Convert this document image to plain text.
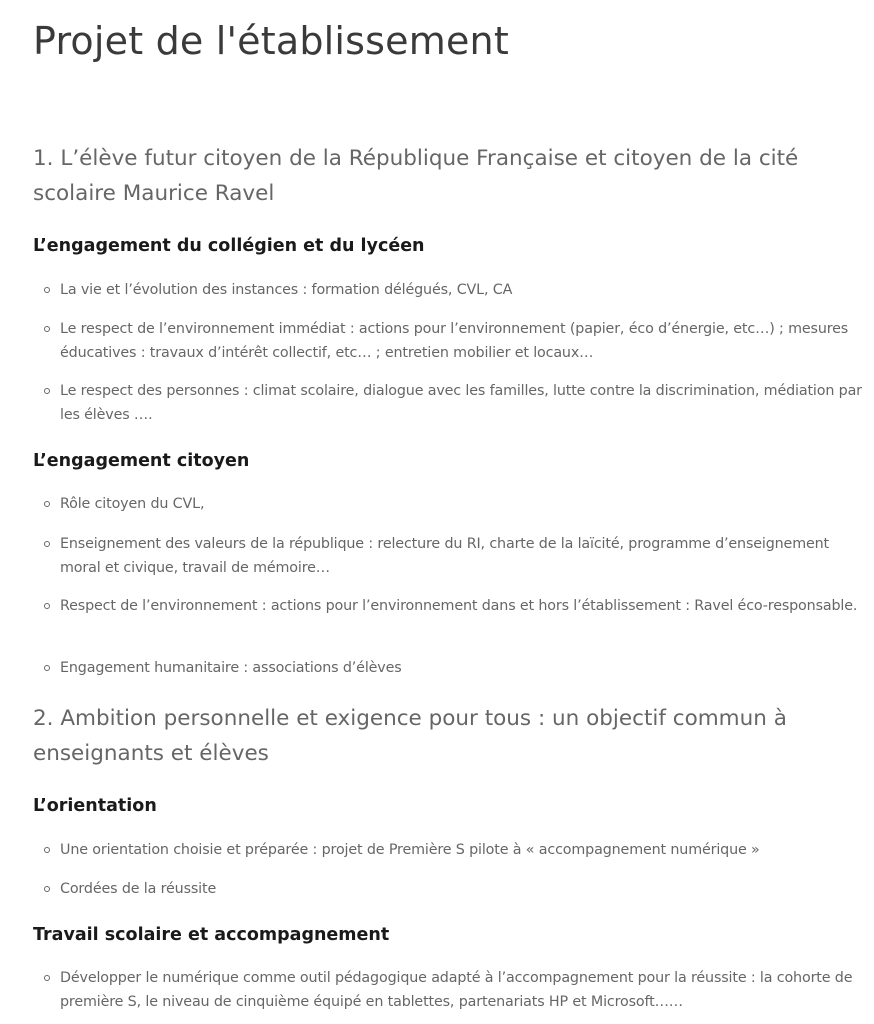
Projet de l'établissement
1. L’élève futur citoyen de la République Française et citoyen de la cité scolaire Maurice Ravel
L’engagement du collégien et du lycéen
La vie et l’évolution des instances : formation délégués, CVL, CA
Le respect de l’environnement immédiat : actions pour l’environnement (papier, éco d’énergie, etc…) ; mesures éducatives : travaux d’intérêt collectif, etc… ; entretien mobilier et locaux…
Le respect des personnes : climat scolaire, dialogue avec les familles, lutte contre la discrimination, médiation par les élèves ….
L’engagement citoyen
Rôle citoyen du CVL,
Enseignement des valeurs de la république : relecture du RI, charte de la laïcité, programme d’enseignement moral et civique, travail de mémoire…
Respect de l’environnement : actions pour l’environnement dans et hors l’établissement : Ravel éco-responsable.
Engagement humanitaire : associations d’élèves
2. Ambition personnelle et exigence pour tous : un objectif commun à enseignants et élèves
L’orientation
Une orientation choisie et préparée : projet de Première S pilote à « accompagnement numérique »
Cordées de la réussite
Travail scolaire et accompagnement
Développer le numérique comme outil pédagogique adapté à l’accompagnement pour la réussite : la cohorte de première S, le niveau de cinquième équipé en tablettes, partenariats HP et Microsoft……
